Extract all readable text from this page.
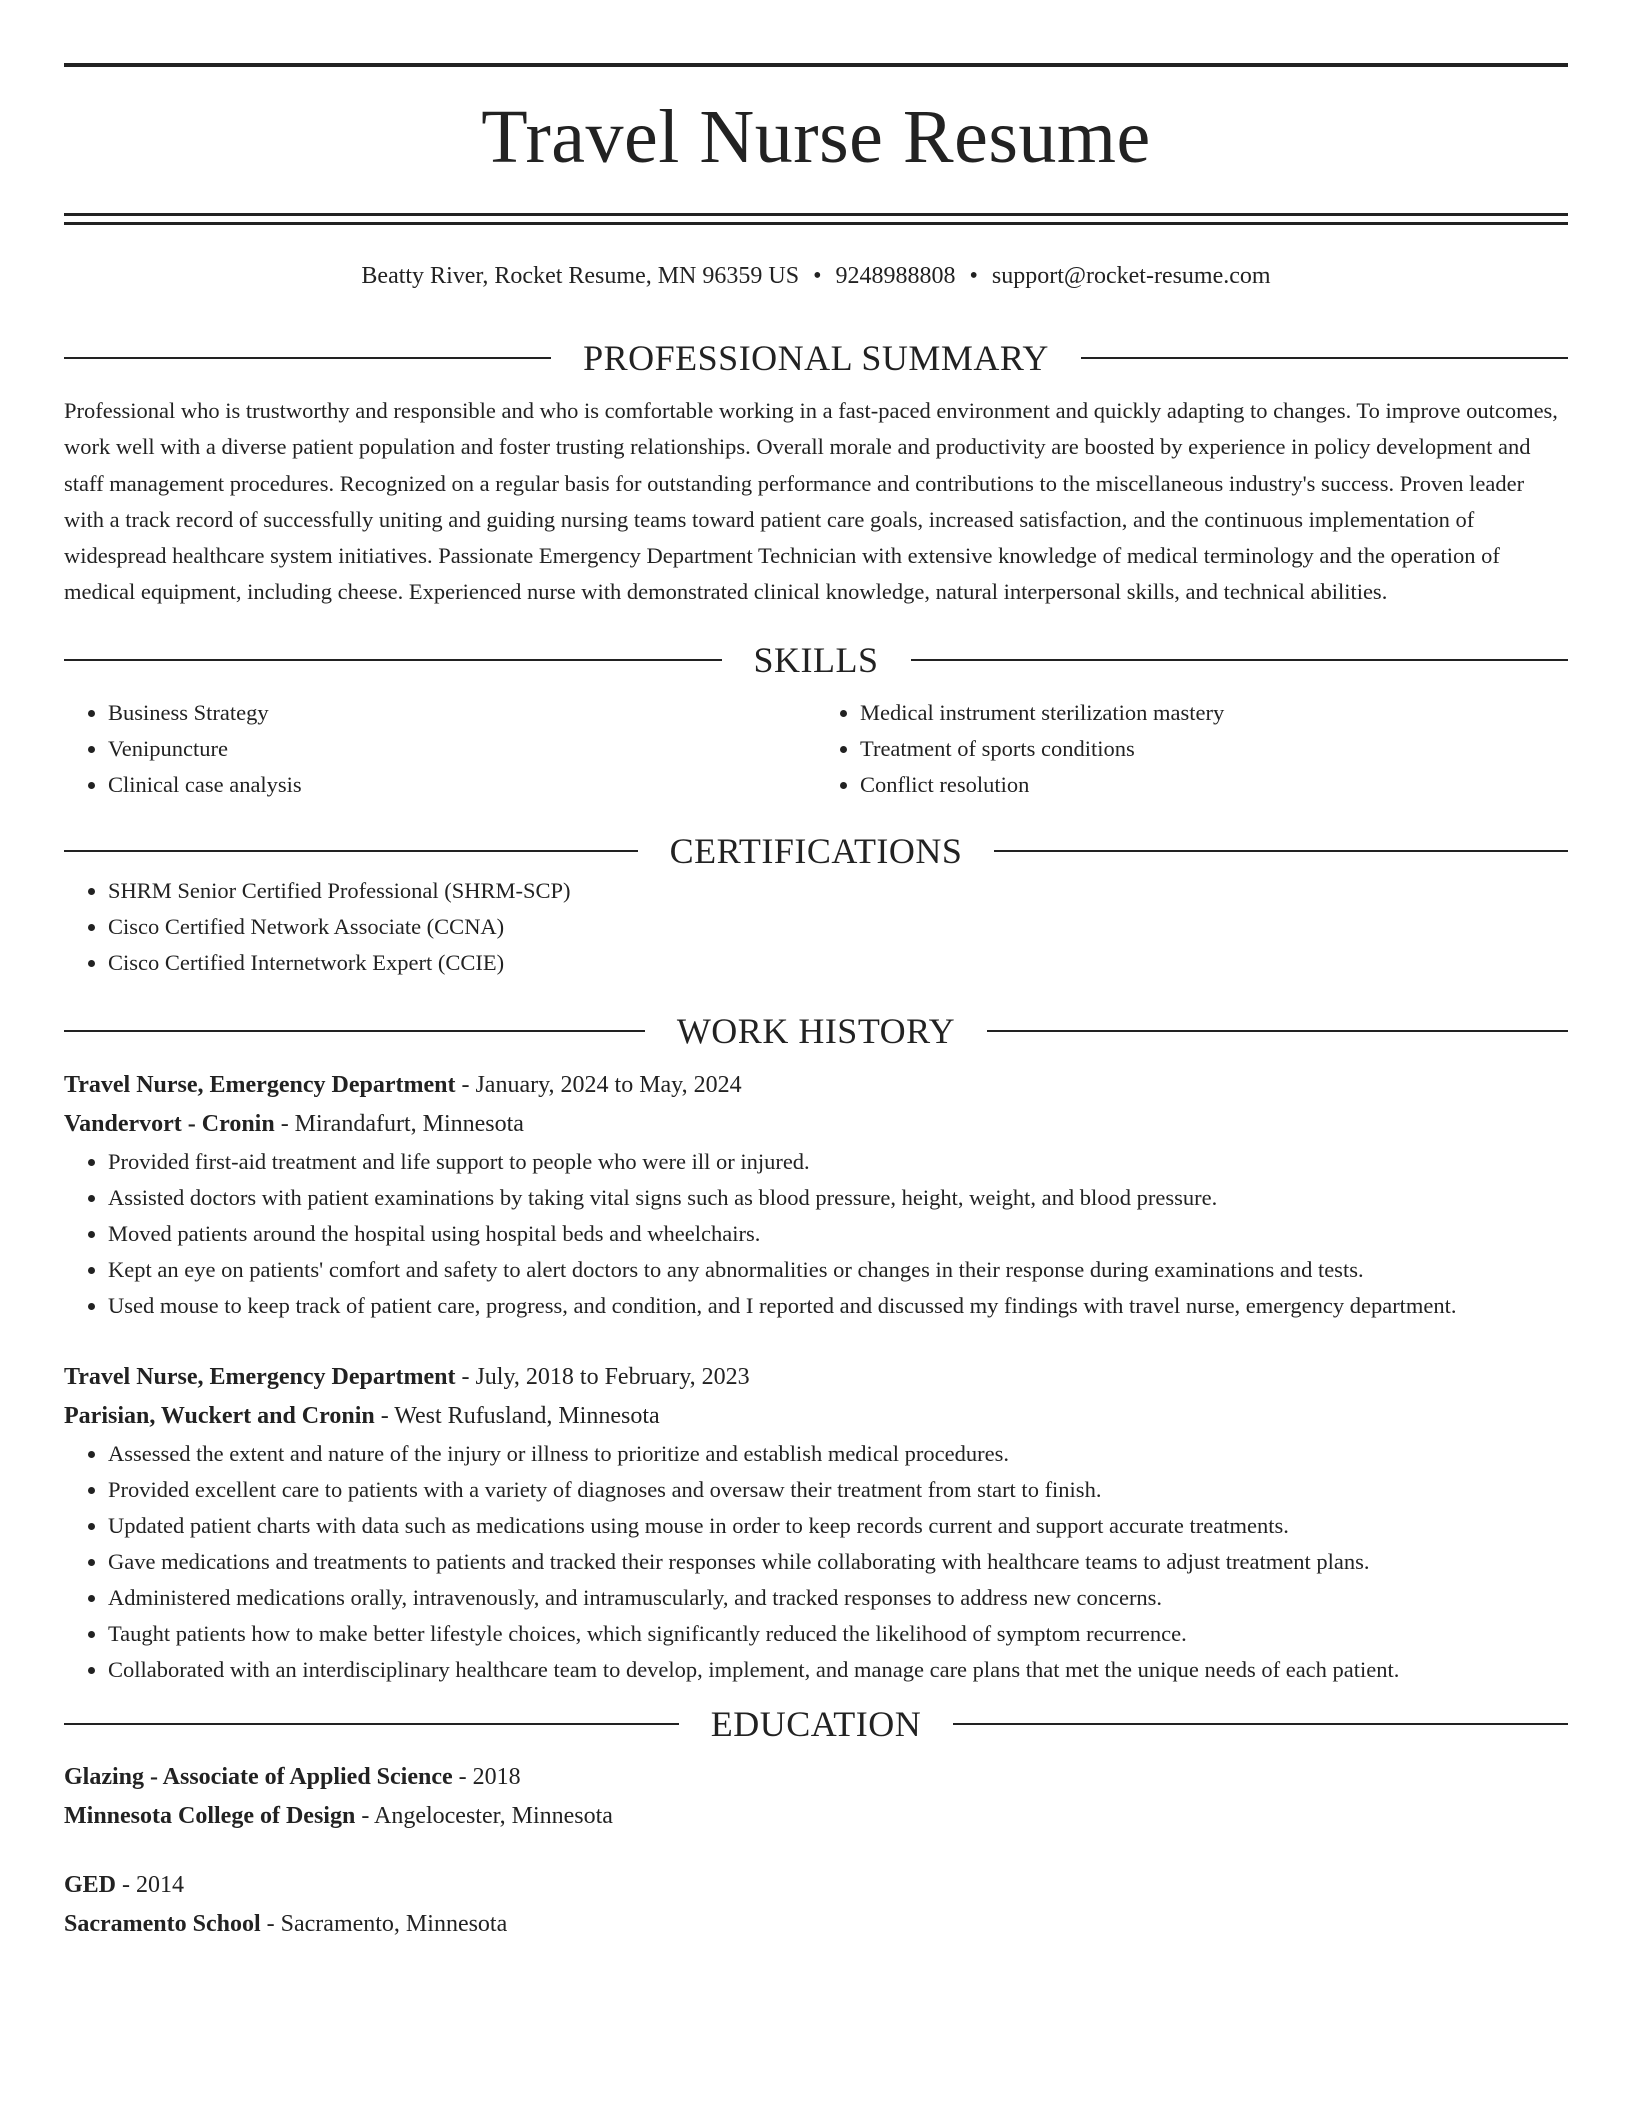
Travel Nurse Resume
Beatty River, Rocket Resume, MN 96359 US • 9248988808 • support@rocket-resume.com
PROFESSIONAL SUMMARY

Professional who is trustworthy and responsible and who is comfortable working in a fast-paced environment and quickly adapting to changes. To improve outcomes, work well with a diverse patient population and foster trusting relationships. Overall morale and productivity are boosted by experience in policy development and staff management procedures. Recognized on a regular basis for outstanding performance and contributions to the miscellaneous industry's success. Proven leader with a track record of successfully uniting and guiding nursing teams toward patient care goals, increased satisfaction, and the continuous implementation of widespread healthcare system initiatives. Passionate Emergency Department Technician with extensive knowledge of medical terminology and the operation of medical equipment, including cheese. Experienced nurse with demonstrated clinical knowledge, natural interpersonal skills, and technical abilities.

SKILLS
• Business Strategy
• Venipuncture
• Clinical case analysis
• Medical instrument sterilization mastery
• Treatment of sports conditions
• Conflict resolution
CERTIFICATIONS
• SHRM Senior Certified Professional (SHRM-SCP)
• Cisco Certified Network Associate (CCNA)
• Cisco Certified Internetwork Expert (CCIE)
WORK HISTORY
Travel Nurse, Emergency Department - January, 2024 to May, 2024
Vandervort - Cronin - Mirandafurt, Minnesota
• Provided first-aid treatment and life support to people who were ill or injured.
• Assisted doctors with patient examinations by taking vital signs such as blood pressure, height, weight, and blood pressure.
• Moved patients around the hospital using hospital beds and wheelchairs.
• Kept an eye on patients' comfort and safety to alert doctors to any abnormalities or changes in their response during examinations and tests.
• Used mouse to keep track of patient care, progress, and condition, and I reported and discussed my findings with travel nurse, emergency department.
Travel Nurse, Emergency Department - July, 2018 to February, 2023
Parisian, Wuckert and Cronin - West Rufusland, Minnesota
• Assessed the extent and nature of the injury or illness to prioritize and establish medical procedures.
• Provided excellent care to patients with a variety of diagnoses and oversaw their treatment from start to finish.
• Updated patient charts with data such as medications using mouse in order to keep records current and support accurate treatments.
• Gave medications and treatments to patients and tracked their responses while collaborating with healthcare teams to adjust treatment plans.
• Administered medications orally, intravenously, and intramuscularly, and tracked responses to address new concerns.
• Taught patients how to make better lifestyle choices, which significantly reduced the likelihood of symptom recurrence.
• Collaborated with an interdisciplinary healthcare team to develop, implement, and manage care plans that met the unique needs of each patient.
EDUCATION
Glazing - Associate of Applied Science - 2018
Minnesota College of Design - Angelocester, Minnesota
GED - 2014
Sacramento School - Sacramento, Minnesota
